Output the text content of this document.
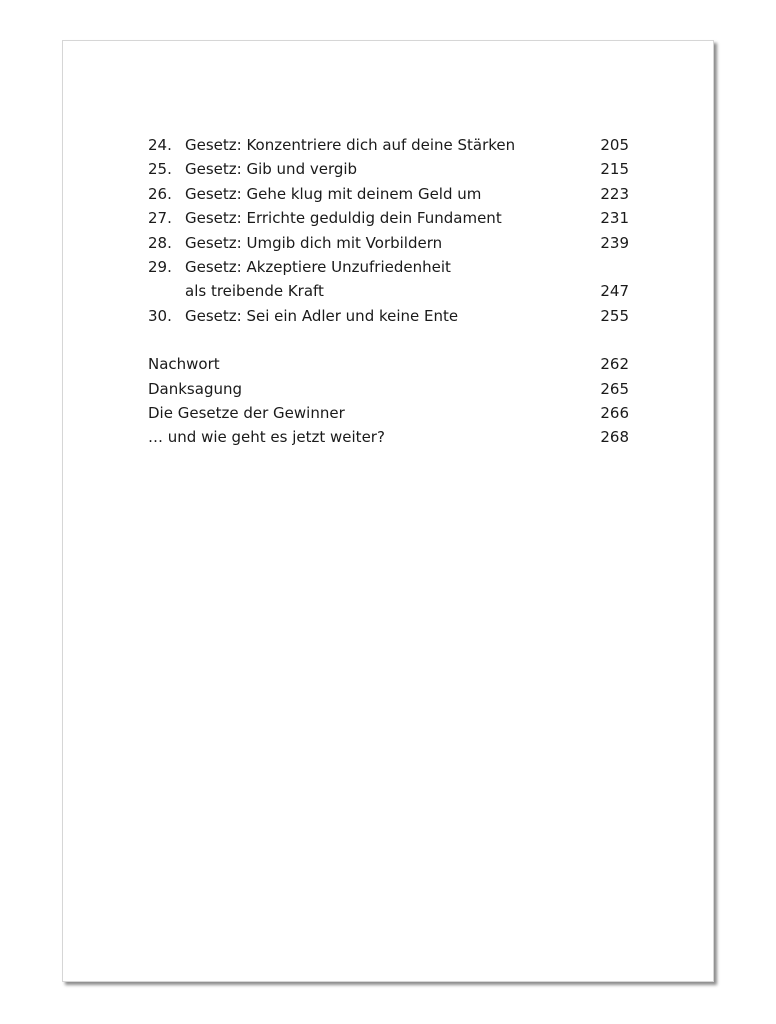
24. Gesetz: Konzentriere dich auf deine Stärken	205
25. Gesetz: Gib und vergib	215
26. Gesetz: Gehe klug mit deinem Geld um	223
27. Gesetz: Errichte geduldig dein Fundament	231
28. Gesetz: Umgib dich mit Vorbildern	239
29. Gesetz: Akzeptiere Unzufriedenheit
als treibende Kraft	247
30. Gesetz: Sei ein Adler und keine Ente	255
Nachwort	262
Danksagung	265
Die Gesetze der Gewinner	266
… und wie geht es jetzt weiter?	268
